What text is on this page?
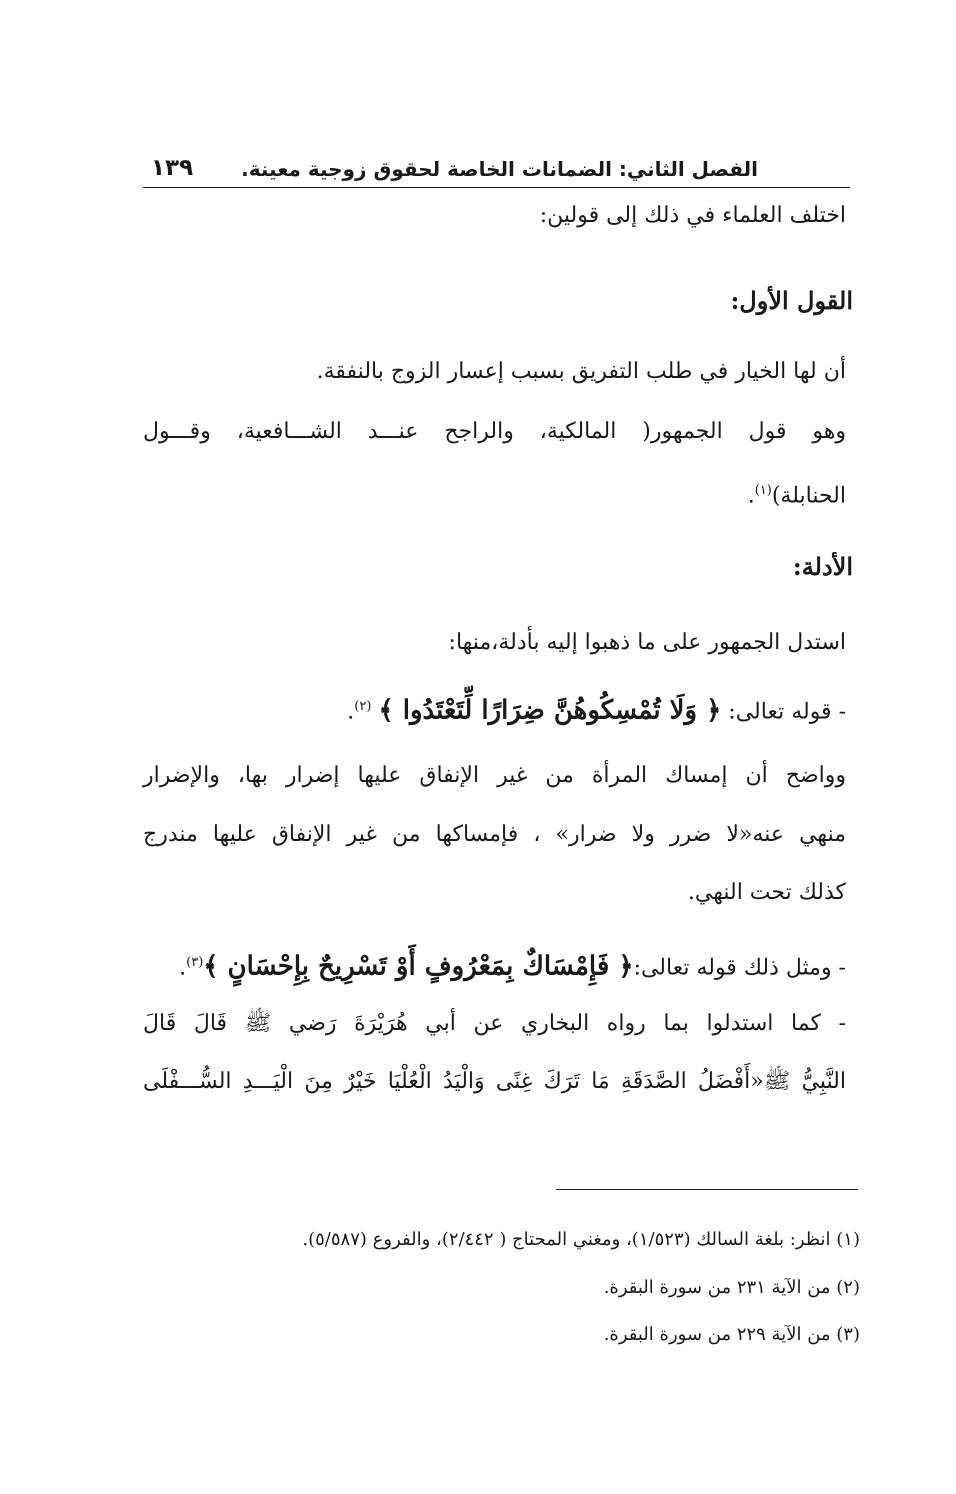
الفصل الثاني: الضمانات الخاصة لحقوق زوجية معينة.
١٣٩
اختلف العلماء في ذلك إلى قولين:
القول الأول:
أن لها الخيار في طلب التفريق بسبب إعسار الزوج بالنفقة.
وهو قول الجمهور( المالكية، والراجح عنـــد الشـــافعية، وقـــول
الحنابلة)$^{(١)}$.
الأدلة:
استدل الجمهور على ما ذهبوا إليه بأدلة،منها:
- قوله تعالى: ﴿ وَلَا تُمْسِكُوهُنَّ ضِرَارًا لِّتَعْتَدُوا ﴾ $^{(٢)}$.
وواضح أن إمساك المرأة من غير الإنفاق عليها إضرار بها، والإضرار
منهي عنه«لا ضرر ولا ضرار» ، فإمساكها من غير الإنفاق عليها مندرج
كذلك تحت النهي.
- ومثل ذلك قوله تعالى:﴿ فَإِمْسَاكٌ بِمَعْرُوفٍ أَوْ تَسْرِيحٌ بِإِحْسَانٍ ﴾$^{(٣)}$.
- كما استدلوا بما رواه البخاري عن أبي هُرَيْرَةَ رَضي ﷺ قَالَ قَالَ
النَّبِيُّ ﷺ«أَفْضَلُ الصَّدَقَةِ مَا تَرَكَ غِنًى وَالْيَدُ الْعُلْيَا خَيْرٌ مِنَ الْيَـــدِ السُّـــفْلَى
(١) انظر: بلغة السالك (١/٥٢٣)، ومغني المحتاج ( ٢/٤٤٢)، والفروع (٥/٥٨٧).
(٢) من الآية ٢٣١ من سورة البقرة.
(٣) من الآية ٢٢٩ من سورة البقرة.
